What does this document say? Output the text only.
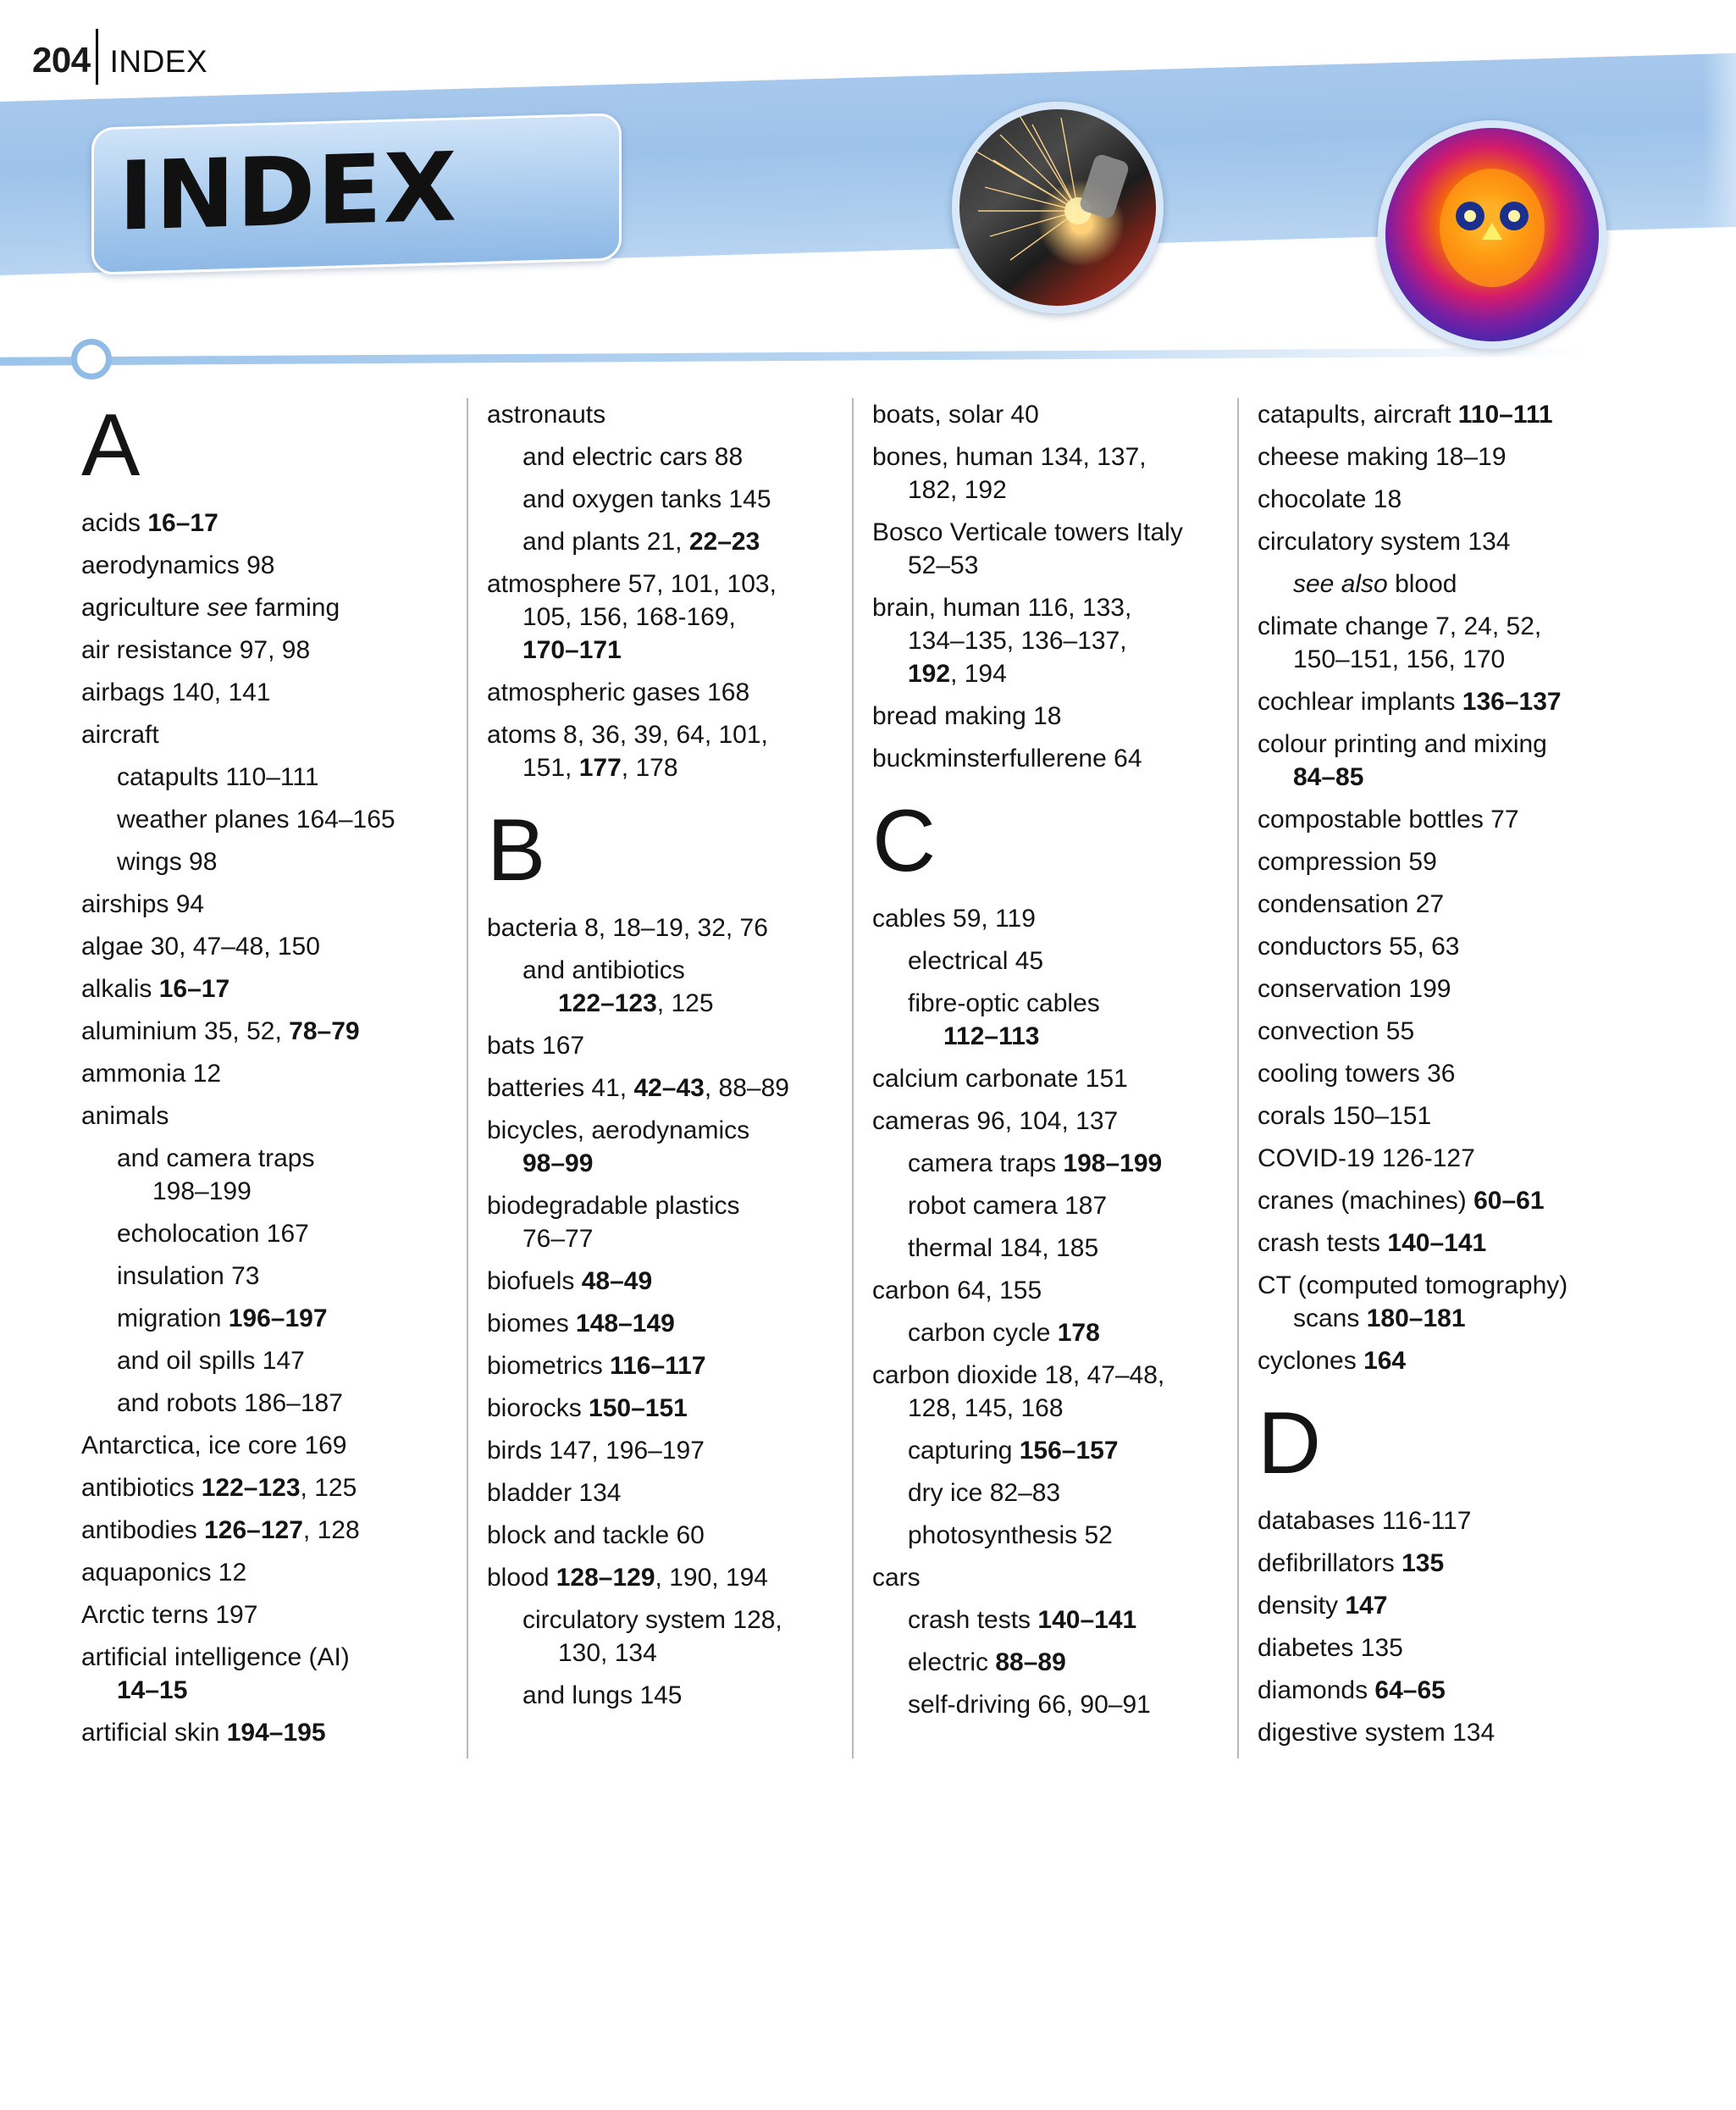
204 INDEX
INDEX
A
acids 16–17
aerodynamics 98
agriculture see farming
air resistance 97, 98
airbags 140, 141
aircraft
catapults 110–111
weather planes 164–165
wings 98
airships 94
algae 30, 47–48, 150
alkalis 16–17
aluminium 35, 52, 78–79
ammonia 12
animals
and camera traps
198–199
echolocation 167
insulation 73
migration 196–197
and oil spills 147
and robots 186–187
Antarctica, ice core 169
antibiotics 122–123, 125
antibodies 126–127, 128
aquaponics 12
Arctic terns 197
artificial intelligence (AI)
14–15
artificial skin 194–195
astronauts
and electric cars 88
and oxygen tanks 145
and plants 21, 22–23
atmosphere 57, 101, 103,
105, 156, 168-169,
170–171
atmospheric gases 168
atoms 8, 36, 39, 64, 101,
151, 177, 178
B
bacteria 8, 18–19, 32, 76
and antibiotics
122–123, 125
bats 167
batteries 41, 42–43, 88–89
bicycles, aerodynamics
98–99
biodegradable plastics
76–77
biofuels 48–49
biomes 148–149
biometrics 116–117
biorocks 150–151
birds 147, 196–197
bladder 134
block and tackle 60
blood 128–129, 190, 194
circulatory system 128,
130, 134
and lungs 145
boats, solar 40
bones, human 134, 137,
182, 192
Bosco Verticale towers Italy
52–53
brain, human 116, 133,
134–135, 136–137,
192, 194
bread making 18
buckminsterfullerene 64
C
cables 59, 119
electrical 45
fibre-optic cables
112–113
calcium carbonate 151
cameras 96, 104, 137
camera traps 198–199
robot camera 187
thermal 184, 185
carbon 64, 155
carbon cycle 178
carbon dioxide 18, 47–48,
128, 145, 168
capturing 156–157
dry ice 82–83
photosynthesis 52
cars
crash tests 140–141
electric 88–89
self-driving 66, 90–91
catapults, aircraft 110–111
cheese making 18–19
chocolate 18
circulatory system 134
see also blood
climate change 7, 24, 52,
150–151, 156, 170
cochlear implants 136–137
colour printing and mixing
84–85
compostable bottles 77
compression 59
condensation 27
conductors 55, 63
conservation 199
convection 55
cooling towers 36
corals 150–151
COVID-19 126-127
cranes (machines) 60–61
crash tests 140–141
CT (computed tomography)
scans 180–181
cyclones 164
D
databases 116-117
defibrillators 135
density 147
diabetes 135
diamonds 64–65
digestive system 134
